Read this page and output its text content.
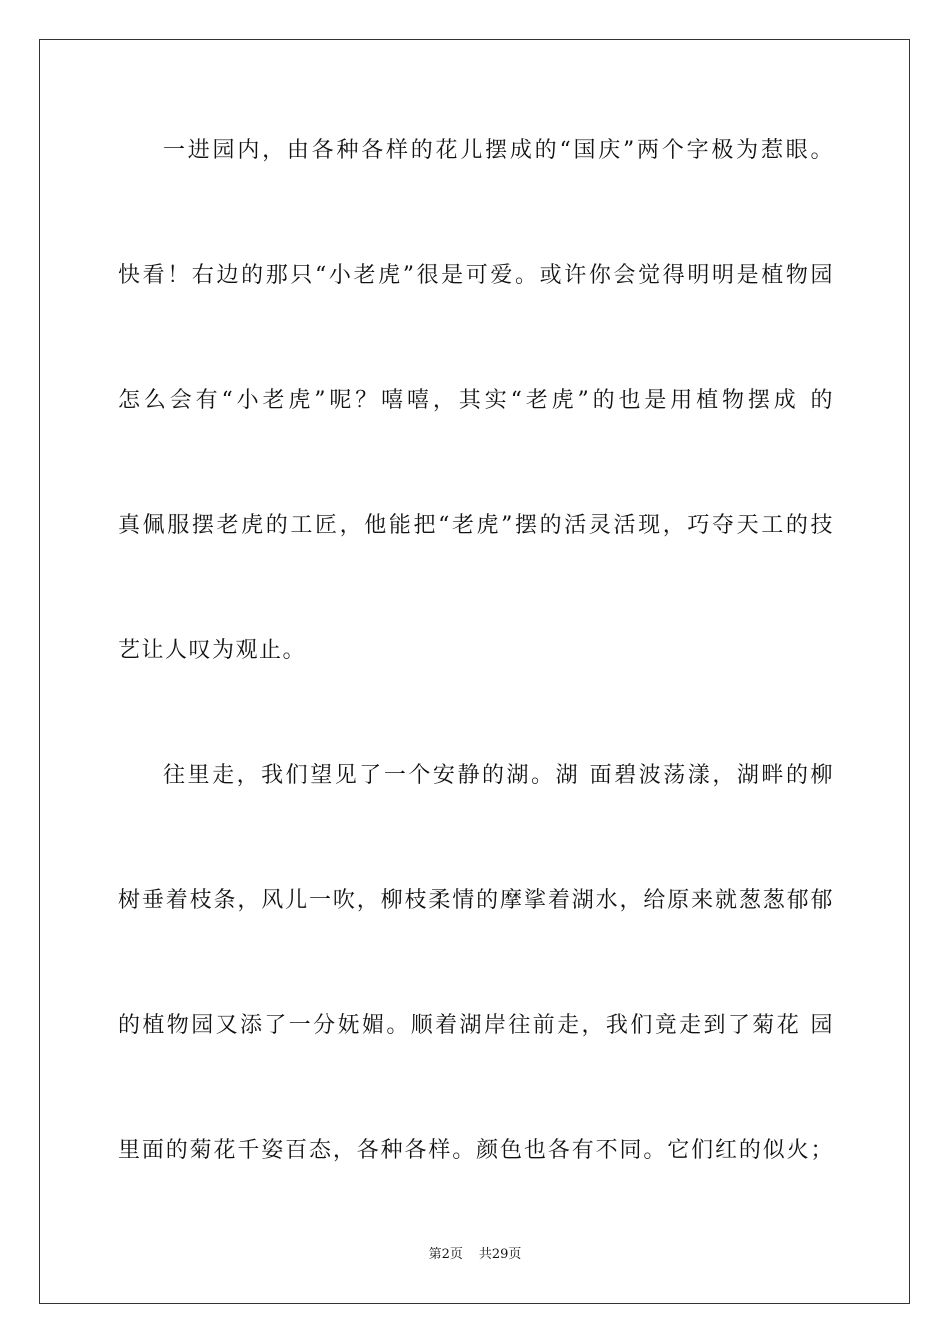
一进园内，由各种各样的花儿摆成的“国庆”两个字极为惹眼。
快看！右边的那只“小老虎”很是可爱。或许你会觉得明明是植物园
怎么会有“小老虎”呢？嘻嘻，其实“老虎”的也是用植物摆成 的
真佩服摆老虎的工匠，他能把“老虎”摆的活灵活现，巧夺天工的技
艺让人叹为观止。
往里走，我们望见了一个安静的湖。湖 面碧波荡漾，湖畔的柳
树垂着枝条，风儿一吹，柳枝柔情的摩挲着湖水，给原来就葱葱郁郁
的植物园又添了一分妩媚。顺着湖岸往前走，我们竟走到了菊花 园
里面的菊花千姿百态，各种各样。颜色也各有不同。它们红的似火；
第2页 共29页
